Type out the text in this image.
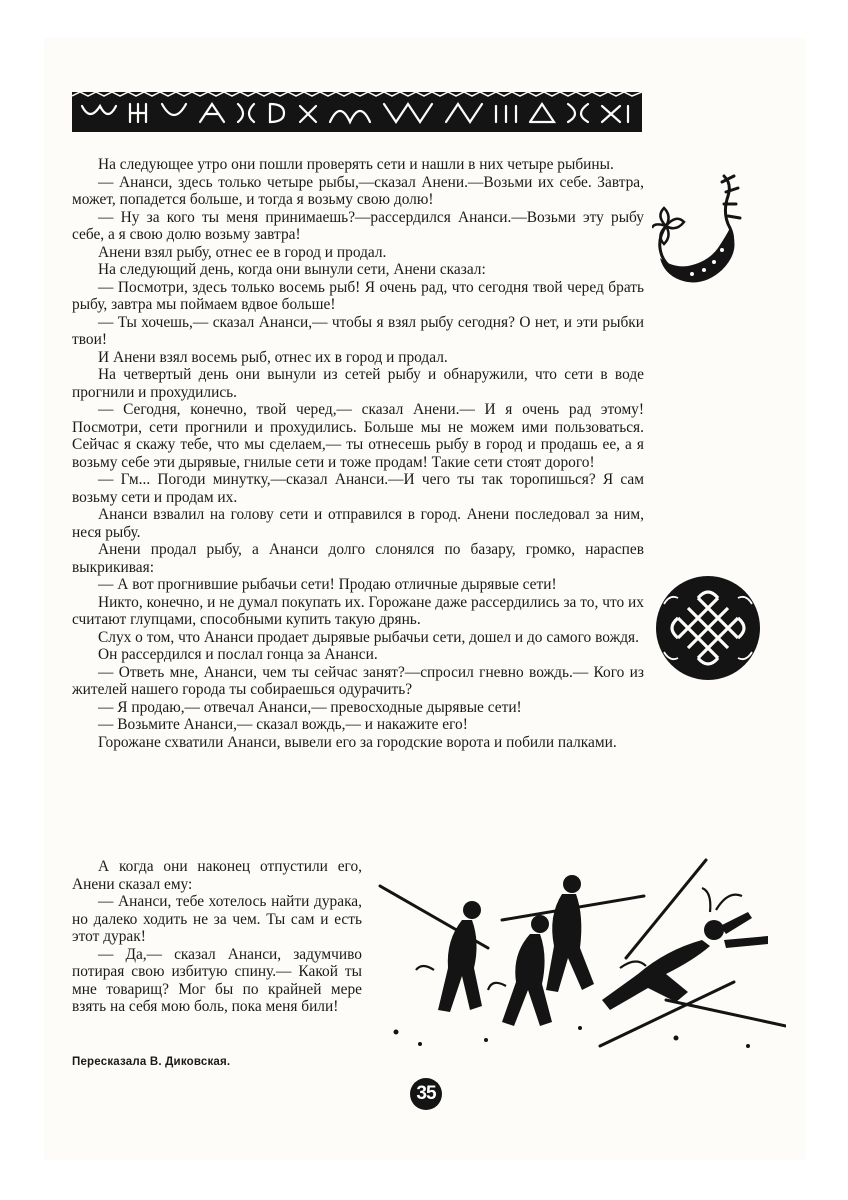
На следующее утро они пошли проверять сети и нашли в них четыре рыбины.

— Ананси, здесь только четыре рыбы,—сказал Анени.—Возьми их себе. Завтра, может, попадется больше, и тогда я возьму свою долю!

— Ну за кого ты меня принимаешь?—рассердился Ананси.—Возьми эту рыбу себе, а я свою долю возьму завтра!

Анени взял рыбу, отнес ее в город и продал.

На следующий день, когда они вынули сети, Анени сказал:

— Посмотри, здесь только восемь рыб! Я очень рад, что сегодня твой черед брать рыбу, завтра мы поймаем вдвое больше!

— Ты хочешь,— сказал Ананси,— чтобы я взял рыбу сегодня? О нет, и эти рыбки твои!

И Анени взял восемь рыб, отнес их в город и продал.

На четвертый день они вынули из сетей рыбу и обнаружили, что сети в воде прогнили и прохудились.

— Сегодня, конечно, твой черед,— сказал Анени.— И я очень рад этому! Посмотри, сети прогнили и прохудились. Больше мы не можем ими пользоваться. Сейчас я скажу тебе, что мы сделаем,— ты отнесешь рыбу в город и продашь ее, а я возьму себе эти дырявые, гнилые сети и тоже продам! Такие сети стоят дорого!

— Гм... Погоди минутку,—сказал Ананси.—И чего ты так торопишься? Я сам возьму сети и продам их.

Ананси взвалил на голову сети и отправился в город. Анени последовал за ним, неся рыбу.

Анени продал рыбу, а Ананси долго слонялся по базару, громко, нараспев выкрикивая:

— А вот прогнившие рыбачьи сети! Продаю отличные дырявые сети!

Никто, конечно, и не думал покупать их. Горожане даже рассердились за то, что их считают глупцами, способными купить такую дрянь.

Слух о том, что Ананси продает дырявые рыбачьи сети, дошел и до самого вождя.

Он рассердился и послал гонца за Ананси.

— Ответь мне, Ананси, чем ты сейчас занят?—спросил гневно вождь.— Кого из жителей нашего города ты собираешься одурачить?

— Я продаю,— отвечал Ананси,— превосходные дырявые сети!

— Возьмите Ананси,— сказал вождь,— и накажите его!

Горожане схватили Ананси, вывели его за городские ворота и побили палками.

А когда они наконец отпустили его, Анени сказал ему:

— Ананси, тебе хотелось найти дурака, но далеко ходить не за чем. Ты сам и есть этот дурак!

— Да,— сказал Ананси, задумчиво потирая свою избитую спину.— Какой ты мне товарищ? Мог бы по крайней мере взять на себя мою боль, пока меня били!

Пересказала В. Диковская.
35
